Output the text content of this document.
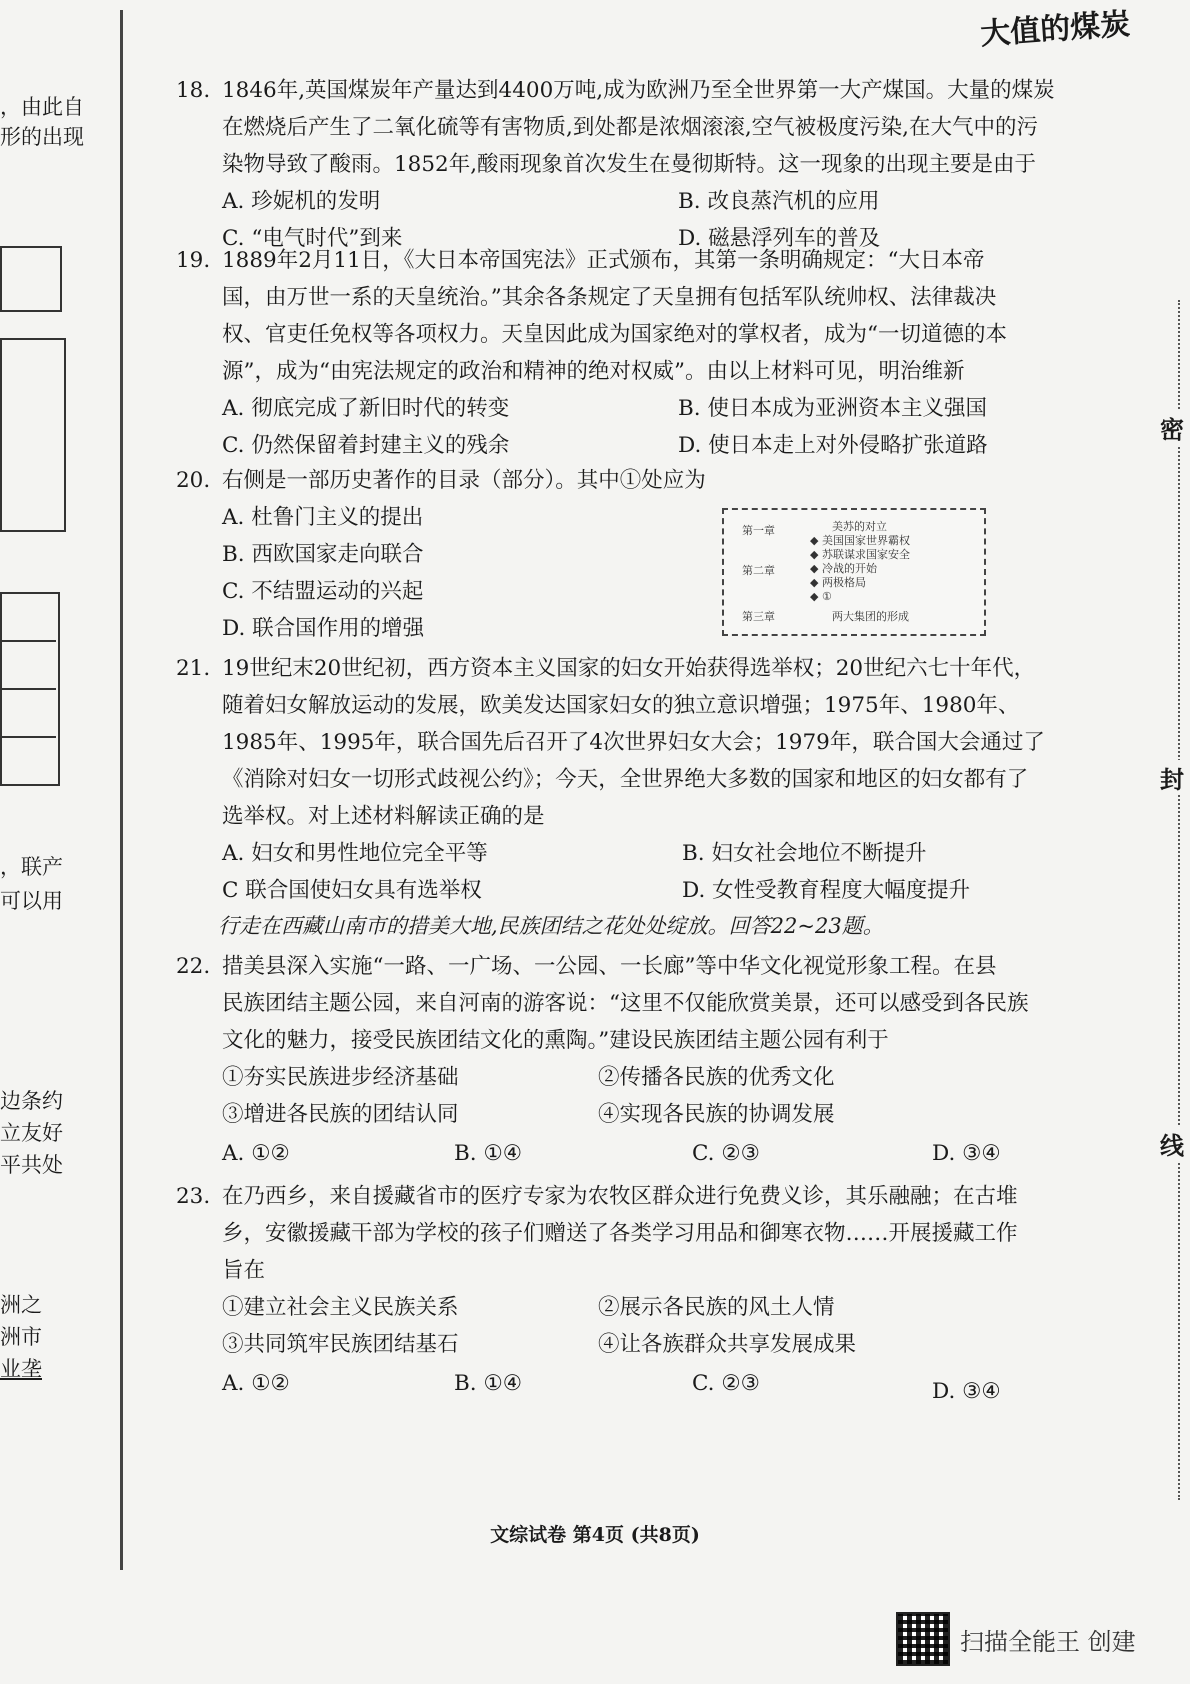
，由此自
形的出现
，联产
可以用
边条约
立友好
平共处
洲之
洲市
业垄
大值的煤炭
密
封
线
18. 1846年,英国煤炭年产量达到4400万吨,成为欧洲乃至全世界第一大产煤国。大量的煤炭
在燃烧后产生了二氧化硫等有害物质,到处都是浓烟滚滚,空气被极度污染,在大气中的污
染物导致了酸雨。1852年,酸雨现象首次发生在曼彻斯特。这一现象的出现主要是由于
A. 珍妮机的发明	B. 改良蒸汽机的应用
C. “电气时代”到来	D. 磁悬浮列车的普及
19. 1889年2月11日，《大日本帝国宪法》正式颁布，其第一条明确规定：“大日本帝
国，由万世一系的天皇统治。”其余各条规定了天皇拥有包括军队统帅权、法律裁决
权、官吏任免权等各项权力。天皇因此成为国家绝对的掌权者，成为“一切道德的本
源”，成为“由宪法规定的政治和精神的绝对权威”。由以上材料可见，明治维新
A. 彻底完成了新旧时代的转变	B. 使日本成为亚洲资本主义强国
C. 仍然保留着封建主义的残余	D. 使日本走上对外侵略扩张道路
20. 右侧是一部历史著作的目录（部分）。其中①处应为
A. 杜鲁门主义的提出
B. 西欧国家走向联合
C. 不结盟运动的兴起
D. 联合国作用的增强
第一章	美苏的对立
◆ 美国国家世界霸权
◆ 苏联谋求国家安全
第二章	◆ 冷战的开始
◆ 两极格局
◆ ①
第三章	两大集团的形成
21. 19世纪末20世纪初，西方资本主义国家的妇女开始获得选举权；20世纪六七十年代，
随着妇女解放运动的发展，欧美发达国家妇女的独立意识增强；1975年、1980年、
1985年、1995年，联合国先后召开了4次世界妇女大会；1979年，联合国大会通过了
《消除对妇女一切形式歧视公约》；今天，全世界绝大多数的国家和地区的妇女都有了
选举权。对上述材料解读正确的是
A. 妇女和男性地位完全平等	B. 妇女社会地位不断提升
C 联合国使妇女具有选举权	D. 女性受教育程度大幅度提升
行走在西藏山南市的措美大地,民族团结之花处处绽放。回答22~23题。
22. 措美县深入实施“一路、一广场、一公园、一长廊”等中华文化视觉形象工程。在县
民族团结主题公园，来自河南的游客说：“这里不仅能欣赏美景，还可以感受到各民族
文化的魅力，接受民族团结文化的熏陶。”建设民族团结主题公园有利于
①夯实民族进步经济基础	②传播各民族的优秀文化
③增进各民族的团结认同	④实现各民族的协调发展
A. ①②	B. ①④	C. ②③	D. ③④
23. 在乃西乡，来自援藏省市的医疗专家为农牧区群众进行免费义诊，其乐融融；在古堆
乡，安徽援藏干部为学校的孩子们赠送了各类学习用品和御寒衣物……开展援藏工作
旨在
①建立社会主义民族关系	②展示各民族的风土人情
③共同筑牢民族团结基石	④让各族群众共享发展成果
A. ①②	B. ①④	C. ②③	D. ③④
文综试卷 第4页 (共8页)
扫描全能王 创建
